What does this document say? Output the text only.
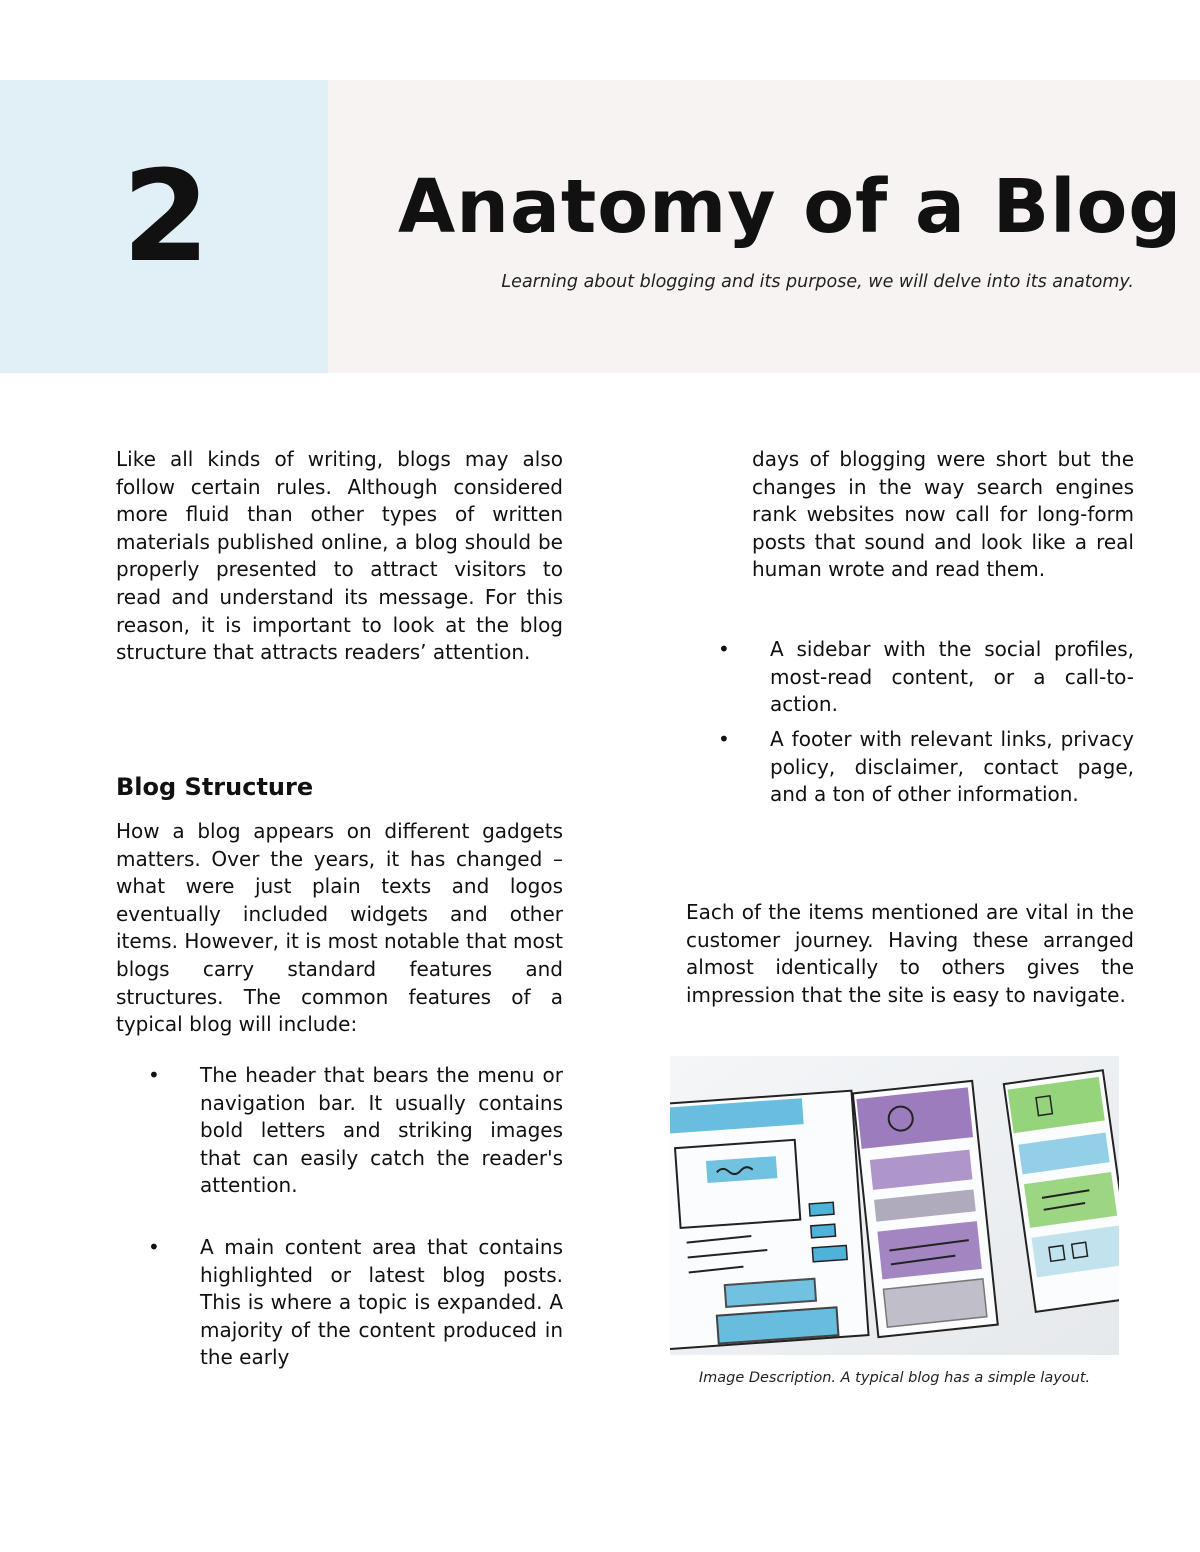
2	Anatomy of a Blog

Learning about blogging and its purpose, we will delve into its anatomy.

Like all kinds of writing, blogs may also follow certain rules. Although considered more fluid than other types of written materials published online, a blog should be properly presented to attract visitors to read and understand its message. For this reason, it is important to look at the blog structure that attracts readers’ attention.

Blog Structure

How a blog appears on different gadgets matters. Over the years, it has changed – what were just plain texts and logos eventually included widgets and other items. However, it is most notable that most blogs carry standard features and structures. The common features of a typical blog will include:

• The header that bears the menu or navigation bar. It usually contains bold letters and striking images that can easily catch the reader's attention.

• A main content area that contains highlighted or latest blog posts. This is where a topic is expanded. A majority of the content produced in the early

days of blogging were short but the changes in the way search engines rank websites now call for long-form posts that sound and look like a real human wrote and read them.

• A sidebar with the social profiles, most-read content, or a call-to-action.

• A footer with relevant links, privacy policy, disclaimer, contact page, and a ton of other information.

Each of the items mentioned are vital in the customer journey. Having these arranged almost identically to others gives the impression that the site is easy to navigate.

Image Description. A typical blog has a simple layout.
